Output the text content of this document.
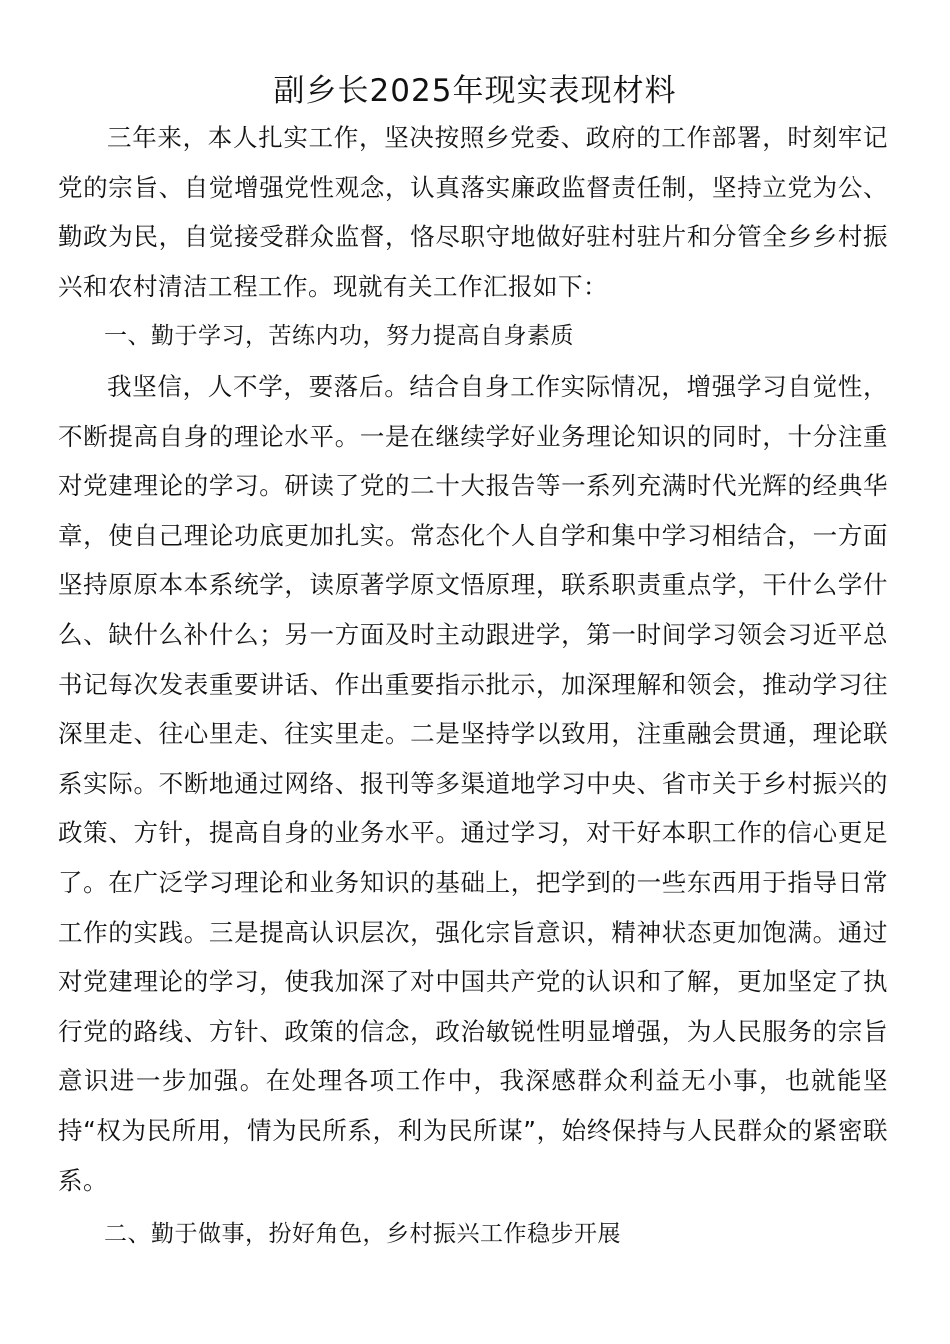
副乡长2025年现实表现材料

三年来，本人扎实工作，坚决按照乡党委、政府的工作部署，时刻牢记党的宗旨、自觉增强党性观念，认真落实廉政监督责任制，坚持立党为公、勤政为民，自觉接受群众监督，恪尽职守地做好驻村驻片和分管全乡乡村振兴和农村清洁工程工作。现就有关工作汇报如下：

一、勤于学习，苦练内功，努力提高自身素质

我坚信，人不学，要落后。结合自身工作实际情况，增强学习自觉性，不断提高自身的理论水平。一是在继续学好业务理论知识的同时，十分注重对党建理论的学习。研读了党的二十大报告等一系列充满时代光辉的经典华章，使自己理论功底更加扎实。常态化个人自学和集中学习相结合，一方面坚持原原本本系统学，读原著学原文悟原理，联系职责重点学，干什么学什么、缺什么补什么；另一方面及时主动跟进学，第一时间学习领会习近平总书记每次发表重要讲话、作出重要指示批示，加深理解和领会，推动学习往深里走、往心里走、往实里走。二是坚持学以致用，注重融会贯通，理论联系实际。不断地通过网络、报刊等多渠道地学习中央、省市关于乡村振兴的政策、方针，提高自身的业务水平。通过学习，对干好本职工作的信心更足了。在广泛学习理论和业务知识的基础上，把学到的一些东西用于指导日常工作的实践。三是提高认识层次，强化宗旨意识，精神状态更加饱满。通过对党建理论的学习，使我加深了对中国共产党的认识和了解，更加坚定了执行党的路线、方针、政策的信念，政治敏锐性明显增强，为人民服务的宗旨意识进一步加强。在处理各项工作中，我深感群众利益无小事，也就能坚持“权为民所用，情为民所系，利为民所谋”，始终保持与人民群众的紧密联系。

二、勤于做事，扮好角色，乡村振兴工作稳步开展
